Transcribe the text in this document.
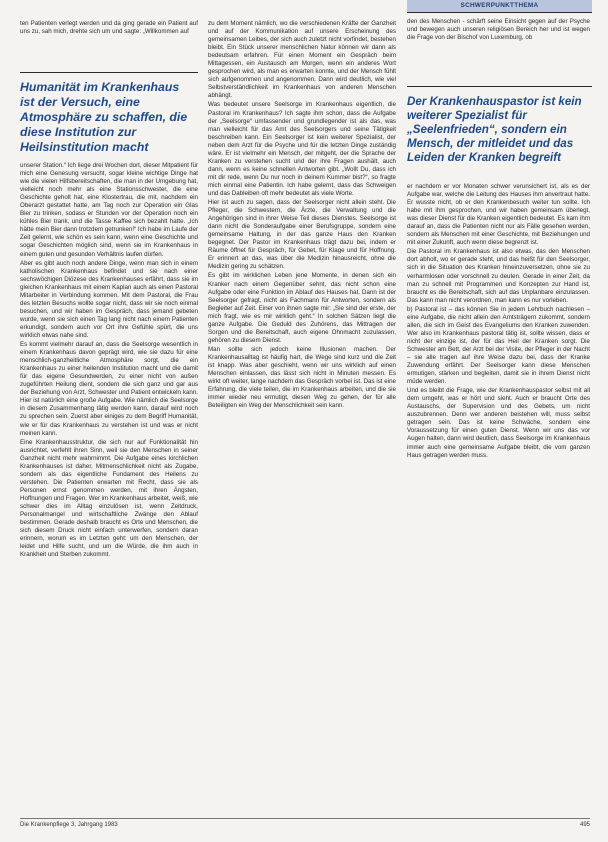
SCHWERPUNKTTHEMA

ten Patienten verlegt werden und da ging gerade ein Patient auf uns zu, sah mich, drehte sich um und sagte: „Willkommen auf

Humanität im Krankenhaus ist der Versuch, eine Atmosphäre zu schaffen, die diese Institution zur Heilsinstitution macht

unserer Station.“ Ich liege drei Wochen dort, dieser Mitpatient für mich eine Genesung versucht, sogar kleine wichtige Dinge hat wie die vielen Hilfsbereitschaften, die man in der Umgebung hat, vielleicht noch mehr als eine Stationsschwester, die eine Geschichte geholt hat, eine Klostertrau, die mit, nachdem ein Oberarzt gestattet hatte, am Tag noch zur Operation ein Glas Bier zu trinken, sodass er Stunden vor der Operation noch ein kühles Bier trank, und die Tasse Kaffee sich bezahlt hatte. „Ich hätte mein Bier dann trotzdem getrunken!“ Ich habe im Laufe der Zeit gelernt, wie schön es sein kann, wenn eine Geschichte und sogar Geschichten möglich sind, wenn sie im Krankenhaus in einem guten und gesunden Verhältnis laufen dürfen.

Aber es gibt auch noch andere Dinge, wenn man sich in einem katholischen Krankenhaus befindet und sie nach einer sechswöchigen Diözese des Krankenhauses erfährt, dass sie im gleichen Krankenhaus mit einem Kaplan auch als einen Pastoral Mitarbeiter in Verbindung kommen. Mit dem Pastoral, die Frau des letzten Besuchs wollte sogar nicht, dass wir sie noch einmal besuchen, und wir haben im Gespräch, dass jemand gebeten wurde, wenn sie sich einen Tag lang nicht nach einem Patienten erkundigt, sondern auch vor Ort ihre Gefühle spürt, die uns wirklich etwas nahe sind.

Es kommt vielmehr darauf an, dass die Seelsorge wesentlich in einem Krankenhaus davon geprägt wird, wie sie dazu für eine menschlich-ganzheitliche Atmosphäre sorgt, die ein Krankenhaus zu einer heilenden Institution macht und die damit für das eigene Gesundwerden, zu einer nicht von außen zugeführten Heilung dient, sondern die sich ganz und gar aus der Beziehung von Arzt, Schwester und Patient entwickeln kann. Hier ist natürlich eine große Aufgabe. Wie nämlich die Seelsorge in diesem Zusammenhang tätig werden kann, darauf wird noch zu sprechen sein. Zuerst aber einiges zu dem Begriff Humanität, wie er für das Krankenhaus zu verstehen ist und was er nicht meinen kann.

Eine Krankenhausstruktur, die sich nur auf Funktionalität hin ausrichtet, verfehlt ihren Sinn, weil sie den Menschen in seiner Ganzheit nicht mehr wahrnimmt. Die Aufgabe eines kirchlichen Krankenhauses ist daher, Mitmenschlichkeit nicht als Zugabe, sondern als das eigentliche Fundament des Heilens zu verstehen. Die Patienten erwarten mit Recht, dass sie als Personen ernst genommen werden, mit ihren Ängsten, Hoffnungen und Fragen. Wer im Krankenhaus arbeitet, weiß, wie schwer dies im Alltag einzulösen ist, wenn Zeitdruck, Personalmangel und wirtschaftliche Zwänge den Ablauf bestimmen. Gerade deshalb braucht es Orte und Menschen, die sich diesem Druck nicht einfach unterwerfen, sondern daran erinnern, worum es im Letzten geht: um den Menschen, der leidet und Hilfe sucht, und um die Würde, die ihm auch in Krankheit und Sterben zukommt.

zu dem Moment nämlich, wo die verschiedenen Kräfte der Ganzheit und auf der Kommunikation auf unsere Erscheinung des gemeinsamen Leibes, der sich auch zuletzt nicht vorfindet, bestehen bleibt. Ein Stück unserer menschlichen Natur können wir dann als bedeutsam erfahren. Für einen Moment ein Gespräch beim Mittagessen, ein Austausch am Morgen, wenn ein anderes Wort gesprochen wird, als man es erwarten konnte, und der Mensch fühlt sich aufgenommen und angenommen. Dann wird deutlich, wie viel Selbstverständlichkeit im Krankenhaus von anderen Menschen abhängt.

Was bedeutet unsere Seelsorge im Krankenhaus eigentlich, die Pastoral im Krankenhaus? Ich sagte ihm schon, dass die Aufgabe der „Seelsorge“ umfassender und grundlegender ist als das, was man vielleicht für das Amt des Seelsorgers und seine Tätigkeit beschreiben kann. Ein Seelsorger ist kein weiterer Spezialist, der neben dem Arzt für die Psyche und für die letzten Dinge zuständig wäre. Er ist vielmehr ein Mensch, der mitgeht, der die Sprache der Kranken zu verstehen sucht und der ihre Fragen aushält, auch dann, wenn es keine schnellen Antworten gibt. „Wollt Du, dass ich mit dir rede, wenn Du nur noch in deinem Kummer bist?“, so fragte mich einmal eine Patientin. Ich habe gelernt, dass das Schweigen und das Dableiben oft mehr bedeutet als viele Worte.

Hier ist auch zu sagen, dass der Seelsorger nicht allein steht. Die Pfleger, die Schwestern, die Ärzte, die Verwaltung und die Angehörigen sind in ihrer Weise Teil dieses Dienstes. Seelsorge ist dann nicht die Sonderaufgabe einer Berufsgruppe, sondern eine gemeinsame Haltung, in der das ganze Haus den Kranken begegnet. Der Pastor im Krankenhaus trägt dazu bei, indem er Räume öffnet für Gespräch, für Gebet, für Klage und für Hoffnung. Er erinnert an das, was über die Medizin hinausreicht, ohne die Medizin gering zu schätzen.

Es gibt im wirklichen Leben jene Momente, in denen sich ein Kranker nach einem Gegenüber sehnt, das nicht schon eine Aufgabe oder eine Funktion im Ablauf des Hauses hat. Dann ist der Seelsorger gefragt, nicht als Fachmann für Antworten, sondern als Begleiter auf Zeit. Einer von ihnen sagte mir: „Sie sind der erste, der mich fragt, wie es mir wirklich geht.“ In solchen Sätzen liegt die ganze Aufgabe. Die Geduld des Zuhörens, das Mittragen der Sorgen und die Bereitschaft, auch eigene Ohnmacht zuzulassen, gehören zu diesem Dienst.

Man sollte sich jedoch keine Illusionen machen. Der Krankenhausalltag ist häufig hart, die Wege sind kurz und die Zeit ist knapp. Was aber geschieht, wenn wir uns wirklich auf einen Menschen einlassen, das lässt sich nicht in Minuten messen. Es wirkt oft weiter, lange nachdem das Gespräch vorbei ist. Das ist eine Erfahrung, die viele teilen, die im Krankenhaus arbeiten, und die sie immer wieder neu ermutigt, diesen Weg zu gehen, der für alle Beteiligten ein Weg der Menschlichkeit sein kann.

den des Menschen - schärft seine Einsicht gegen auf der Psyche und bewegen auch unseren religiösen Bereich her und ist wegen die Frage von der Bischof von Luxemburg, ob

Der Krankenhauspastor ist kein weiterer Spezialist für „Seelenfrieden“, sondern ein Mensch, der mitleidet und das Leiden der Kranken begreift

er nachdem er vor Monaten schwer verunsichert ist, als es der Aufgabe war, welche die Leitung des Hauses ihm anvertraut hatte. Er wusste nicht, ob er den Krankenbesuch weiter tun sollte. Ich habe mit ihm gesprochen, und wir haben gemeinsam überlegt, was dieser Dienst für die Kranken eigentlich bedeutet. Es kam ihm darauf an, dass die Patienten nicht nur als Fälle gesehen werden, sondern als Menschen mit einer Geschichte, mit Beziehungen und mit einer Zukunft, auch wenn diese begrenzt ist.

Die Pastoral im Krankenhaus ist also etwas, das den Menschen dort abholt, wo er gerade steht, und das heißt für den Seelsorger, sich in die Situation des Kranken hineinzuversetzen, ohne sie zu verharmlosen oder vorschnell zu deuten. Gerade in einer Zeit, da man zu schnell mit Programmen und Konzepten zur Hand ist, braucht es die Bereitschaft, sich auf das Unplanbare einzulassen. Das kann man nicht verordnen, man kann es nur vorleben.

b) Pastoral ist – das können Sie in jedem Lehrbuch nachlesen – eine Aufgabe, die nicht allein den Amtsträgern zukommt, sondern allen, die sich im Geist des Evangeliums den Kranken zuwenden. Wer also im Krankenhaus pastoral tätig ist, sollte wissen, dass er nicht der einzige ist, der für das Heil der Kranken sorgt. Die Schwester am Bett, der Arzt bei der Visite, der Pfleger in der Nacht – sie alle tragen auf ihre Weise dazu bei, dass der Kranke Zuwendung erfährt. Der Seelsorger kann diese Menschen ermutigen, stärken und begleiten, damit sie in ihrem Dienst nicht müde werden.

Und es bleibt die Frage, wie der Krankenhauspastor selbst mit all dem umgeht, was er hört und sieht. Auch er braucht Orte des Austauschs, der Supervision und des Gebets, um nicht auszubrennen. Denn wer anderen beistehen will, muss selbst getragen sein. Das ist keine Schwäche, sondern eine Voraussetzung für einen guten Dienst. Wenn wir uns das vor Augen halten, dann wird deutlich, dass Seelsorge im Krankenhaus immer auch eine gemeinsame Aufgabe bleibt, die vom ganzen Haus getragen werden muss.

Die Krankenpflege 3, Jahrgang 1983	495
